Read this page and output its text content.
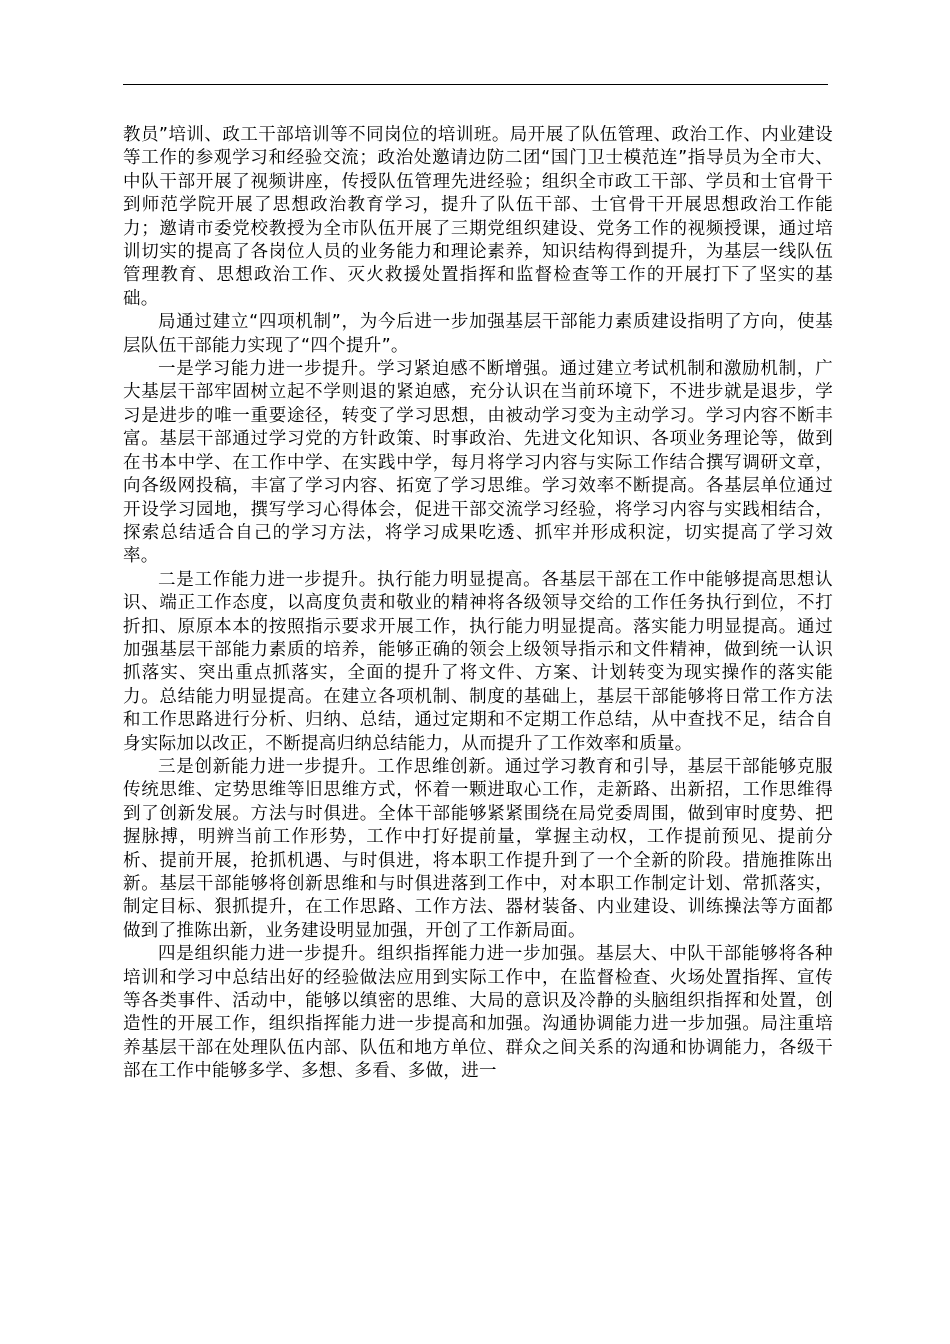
教员”培训、政工干部培训等不同岗位的培训班。局开展了队伍管理、政治工作、内业建设等工作的参观学习和经验交流；政治处邀请边防二团“国门卫士模范连”指导员为全市大、中队干部开展了视频讲座，传授队伍管理先进经验；组织全市政工干部、学员和士官骨干到师范学院开展了思想政治教育学习，提升了队伍干部、士官骨干开展思想政治工作能力；邀请市委党校教授为全市队伍开展了三期党组织建设、党务工作的视频授课，通过培训切实的提高了各岗位人员的业务能力和理论素养，知识结构得到提升，为基层一线队伍管理教育、思想政治工作、灭火救援处置指挥和监督检查等工作的开展打下了坚实的基础。

局通过建立“四项机制”，为今后进一步加强基层干部能力素质建设指明了方向，使基层队伍干部能力实现了“四个提升”。

一是学习能力进一步提升。学习紧迫感不断增强。通过建立考试机制和激励机制，广大基层干部牢固树立起不学则退的紧迫感，充分认识在当前环境下，不进步就是退步，学习是进步的唯一重要途径，转变了学习思想，由被动学习变为主动学习。学习内容不断丰富。基层干部通过学习党的方针政策、时事政治、先进文化知识、各项业务理论等，做到在书本中学、在工作中学、在实践中学，每月将学习内容与实际工作结合撰写调研文章，向各级网投稿，丰富了学习内容、拓宽了学习思维。学习效率不断提高。各基层单位通过开设学习园地，撰写学习心得体会，促进干部交流学习经验，将学习内容与实践相结合，探索总结适合自己的学习方法，将学习成果吃透、抓牢并形成积淀，切实提高了学习效率。

二是工作能力进一步提升。执行能力明显提高。各基层干部在工作中能够提高思想认识、端正工作态度，以高度负责和敬业的精神将各级领导交给的工作任务执行到位，不打折扣、原原本本的按照指示要求开展工作，执行能力明显提高。落实能力明显提高。通过加强基层干部能力素质的培养，能够正确的领会上级领导指示和文件精神，做到统一认识抓落实、突出重点抓落实，全面的提升了将文件、方案、计划转变为现实操作的落实能力。总结能力明显提高。在建立各项机制、制度的基础上，基层干部能够将日常工作方法和工作思路进行分析、归纳、总结，通过定期和不定期工作总结，从中查找不足，结合自身实际加以改正，不断提高归纳总结能力，从而提升了工作效率和质量。

三是创新能力进一步提升。工作思维创新。通过学习教育和引导，基层干部能够克服传统思维、定势思维等旧思维方式，怀着一颗进取心工作，走新路、出新招，工作思维得到了创新发展。方法与时俱进。全体干部能够紧紧围绕在局党委周围，做到审时度势、把握脉搏，明辨当前工作形势，工作中打好提前量，掌握主动权，工作提前预见、提前分析、提前开展，抢抓机遇、与时俱进，将本职工作提升到了一个全新的阶段。措施推陈出新。基层干部能够将创新思维和与时俱进落到工作中，对本职工作制定计划、常抓落实，制定目标、狠抓提升，在工作思路、工作方法、器材装备、内业建设、训练操法等方面都做到了推陈出新，业务建设明显加强，开创了工作新局面。

四是组织能力进一步提升。组织指挥能力进一步加强。基层大、中队干部能够将各种培训和学习中总结出好的经验做法应用到实际工作中，在监督检查、火场处置指挥、宣传等各类事件、活动中，能够以缜密的思维、大局的意识及冷静的头脑组织指挥和处置，创造性的开展工作，组织指挥能力进一步提高和加强。沟通协调能力进一步加强。局注重培养基层干部在处理队伍内部、队伍和地方单位、群众之间关系的沟通和协调能力，各级干部在工作中能够多学、多想、多看、多做，进一
